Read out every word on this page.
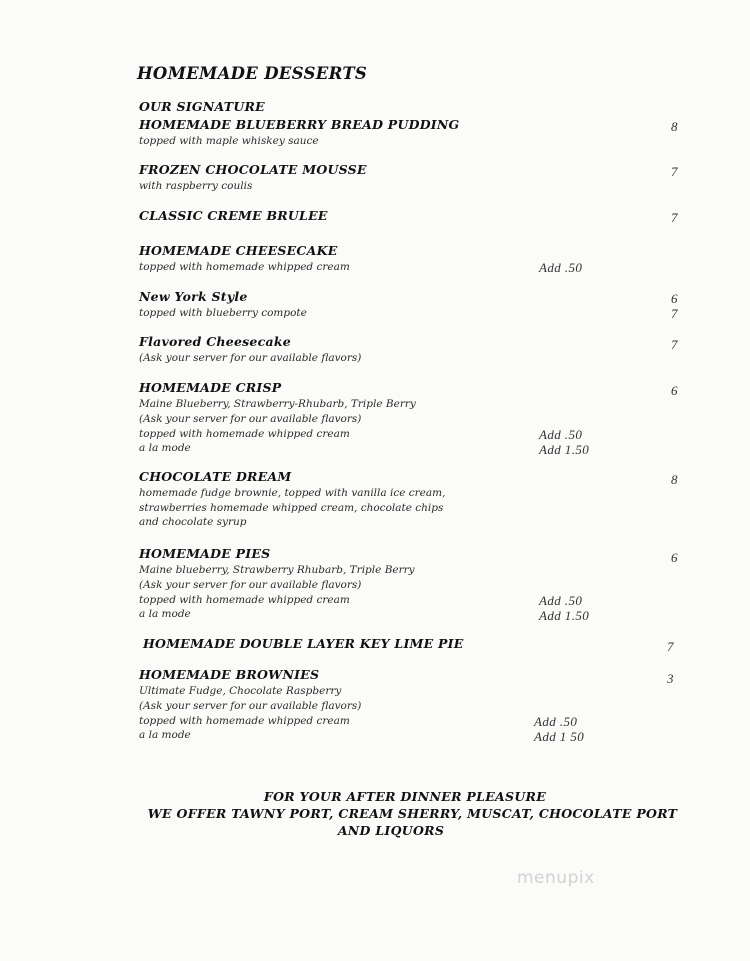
HOMEMADE DESSERTS
OUR SIGNATURE
HOMEMADE BLUEBERRY BREAD PUDDING
topped with maple whiskey sauce
8
FROZEN CHOCOLATE MOUSSE
with raspberry coulis
7
CLASSIC CREME BRULEE	7
HOMEMADE CHEESECAKE
topped with homemade whipped cream	Add .50
New York Style
topped with blueberry compote
6
7
Flavored Cheesecake
(Ask your server for our available flavors)
7
HOMEMADE CRISP
Maine Blueberry, Strawberry-Rhubarb, Triple Berry
(Ask your server for our available flavors)
topped with homemade whipped cream
a la mode
Add .50
Add 1.50
6
CHOCOLATE DREAM
homemade fudge brownie, topped with vanilla ice cream,
strawberries homemade whipped cream, chocolate chips
and chocolate syrup
8
HOMEMADE PIES
Maine blueberry, Strawberry Rhubarb, Triple Berry
(Ask your server for our available flavors)
topped with homemade whipped cream
a la mode
Add .50
Add 1.50
6
HOMEMADE DOUBLE LAYER KEY LIME PIE	7
HOMEMADE BROWNIES
Ultimate Fudge, Chocolate Raspberry
(Ask your server for our available flavors)
topped with homemade whipped cream
a la mode
Add .50
Add 1 50
3
FOR YOUR AFTER DINNER PLEASURE
WE OFFER TAWNY PORT, CREAM SHERRY, MUSCAT, CHOCOLATE PORT
AND LIQUORS
menupix
